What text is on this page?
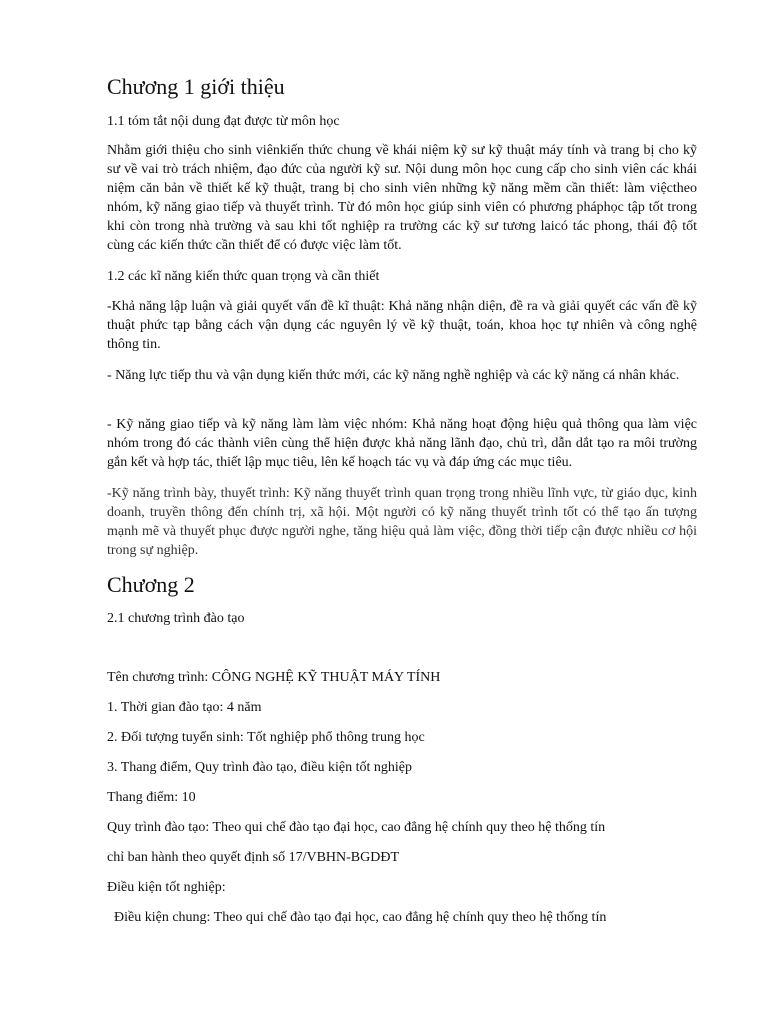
Chương 1 giới thiệu

1.1 tóm tắt nội dung đạt được từ môn học

Nhằm giới thiệu cho sinh viênkiến thức chung về khái niệm kỹ sư kỹ thuật máy tính và trang bị cho kỹ sư về vai trò trách nhiệm, đạo đức của người kỹ sư. Nội dung môn học cung cấp cho sinh viên các khái niệm căn bản về thiết kế kỹ thuật, trang bị cho sinh viên những kỹ năng mềm cần thiết: làm việctheo nhóm, kỹ năng giao tiếp và thuyết trình. Từ đó môn học giúp sinh viên có phương pháphọc tập tốt trong khi còn trong nhà trường và sau khi tốt nghiệp ra trường các kỹ sư tương laicó tác phong, thái độ tốt cùng các kiến thức cần thiết để có được việc làm tốt.

1.2 các kĩ năng kiến thức quan trọng và cần thiết

-Khả năng lập luận và giải quyết vấn đề kĩ thuật: Khả năng nhận diện, đề ra và giải quyết các vấn đề kỹ thuật phức tạp bằng cách vận dụng các nguyên lý về kỹ thuật, toán, khoa học tự nhiên và công nghệ thông tin.

- Năng lực tiếp thu và vận dụng kiến thức mới, các kỹ năng nghề nghiệp và các kỹ năng cá nhân khác.

- Kỹ năng giao tiếp và kỹ năng làm làm việc nhóm: Khả năng hoạt động hiệu quả thông qua làm việc nhóm trong đó các thành viên cùng thể hiện được khả năng lãnh đạo, chủ trì, dẫn dắt tạo ra môi trường gắn kết và hợp tác, thiết lập mục tiêu, lên kế hoạch tác vụ và đáp ứng các mục tiêu.

-Kỹ năng trình bày, thuyết trình: Kỹ năng thuyết trình quan trọng trong nhiều lĩnh vực, từ giáo dục, kinh doanh, truyền thông đến chính trị, xã hội. Một người có kỹ năng thuyết trình tốt có thể tạo ấn tượng mạnh mẽ và thuyết phục được người nghe, tăng hiệu quả làm việc, đồng thời tiếp cận được nhiều cơ hội trong sự nghiệp.

Chương 2

2.1 chương trình đào tạo

Tên chương trình: CÔNG NGHỆ KỸ THUẬT MÁY TÍNH

1. Thời gian đào tạo: 4 năm

2. Đối tượng tuyển sinh: Tốt nghiệp phổ thông trung học

3. Thang điểm, Quy trình đào tạo, điều kiện tốt nghiệp

Thang điểm: 10

Quy trình đào tạo: Theo qui chế đào tạo đại học, cao đẳng hệ chính quy theo hệ thống tín

chỉ ban hành theo quyết định số 17/VBHN-BGDĐT

Điều kiện tốt nghiệp:

Điều kiện chung: Theo qui chế đào tạo đại học, cao đẳng hệ chính quy theo hệ thống tín
